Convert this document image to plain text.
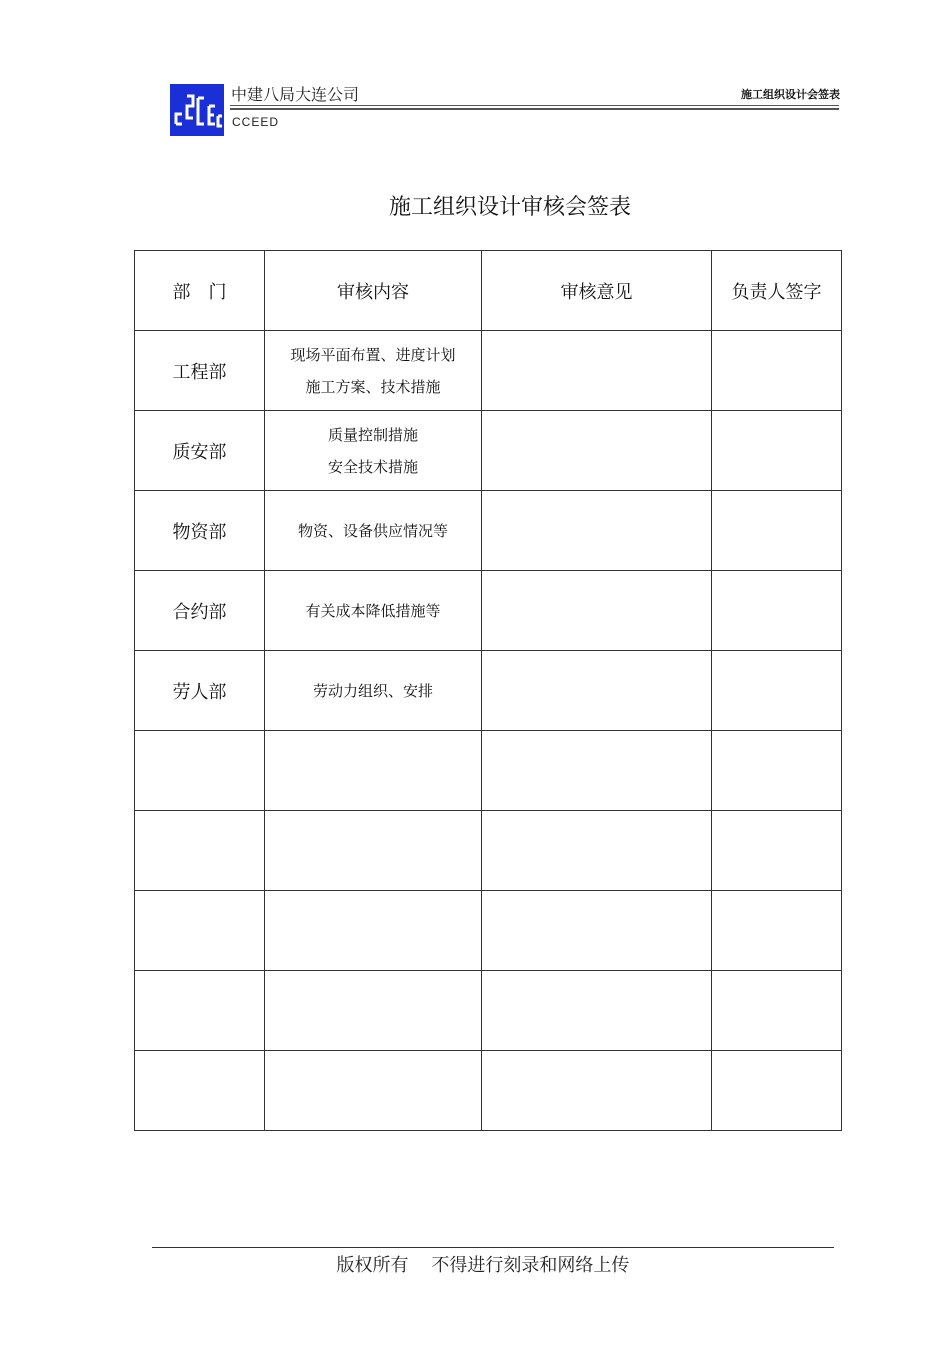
中建八局大连公司
CCEED
施工组织设计会签表
施工组织设计审核会签表
部　门	审核内容	审核意见	负责人签字
工程部	现场平面布置、进度计划
施工方案、技术措施		

质安部	质量控制措施
安全技术措施		

物资部	物资、设备供应情况等		

合约部	有关成本降低措施等		

劳人部	劳动力组织、安排		

版权所有    不得进行刻录和网络上传
